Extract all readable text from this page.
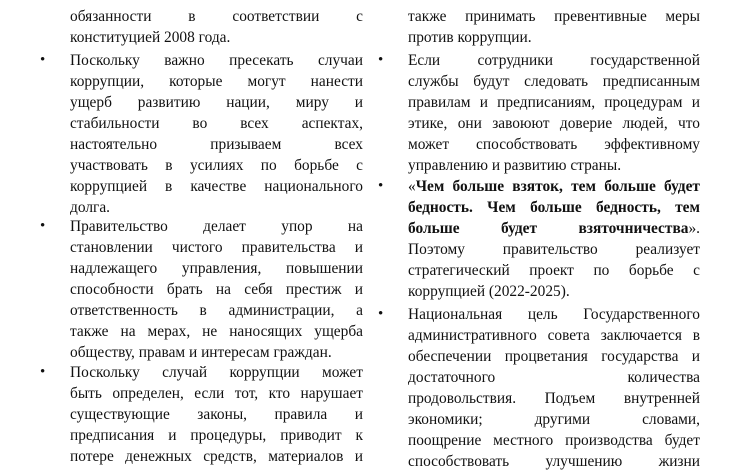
обязанности в соответствии с
конституцией 2008 года.
•	Поскольку важно пресекать случаи
коррупции, которые могут нанести
ущерб развитию нации, миру и
стабильности во всех аспектах,
настоятельно призываем всех
участвовать в усилиях по борьбе с
коррупцией в качестве национального
долга.
•	Правительство делает упор на
становлении чистого правительства и
надлежащего управления, повышении
способности брать на себя престиж и
ответственность в администрации, а
также на мерах, не наносящих ущерба
обществу, правам и интересам граждан.
•	Поскольку случай коррупции может
быть определен, если тот, кто нарушает
существующие законы, правила и
предписания и процедуры, приводит к
потере денежных средств, материалов и
также принимать превентивные меры
против коррупции.
•	Если сотрудники государственной
службы будут следовать предписанным
правилам и предписаниям, процедурам и
этике, они завоюют доверие людей, что
может способствовать эффективному
управлению и развитию страны.
•	«Чем больше взяток, тем больше будет
бедность. Чем больше бедность, тем
больше будет взяточничества».
Поэтому правительство реализует
стратегический проект по борьбе с
коррупцией (2022-2025).
•	Национальная цель Государственного
административного совета заключается в
обеспечении процветания государства и
достаточного количества
продовольствия. Подъем внутренней
экономики; другими словами,
поощрение местного производства будет
способствовать улучшению жизни
